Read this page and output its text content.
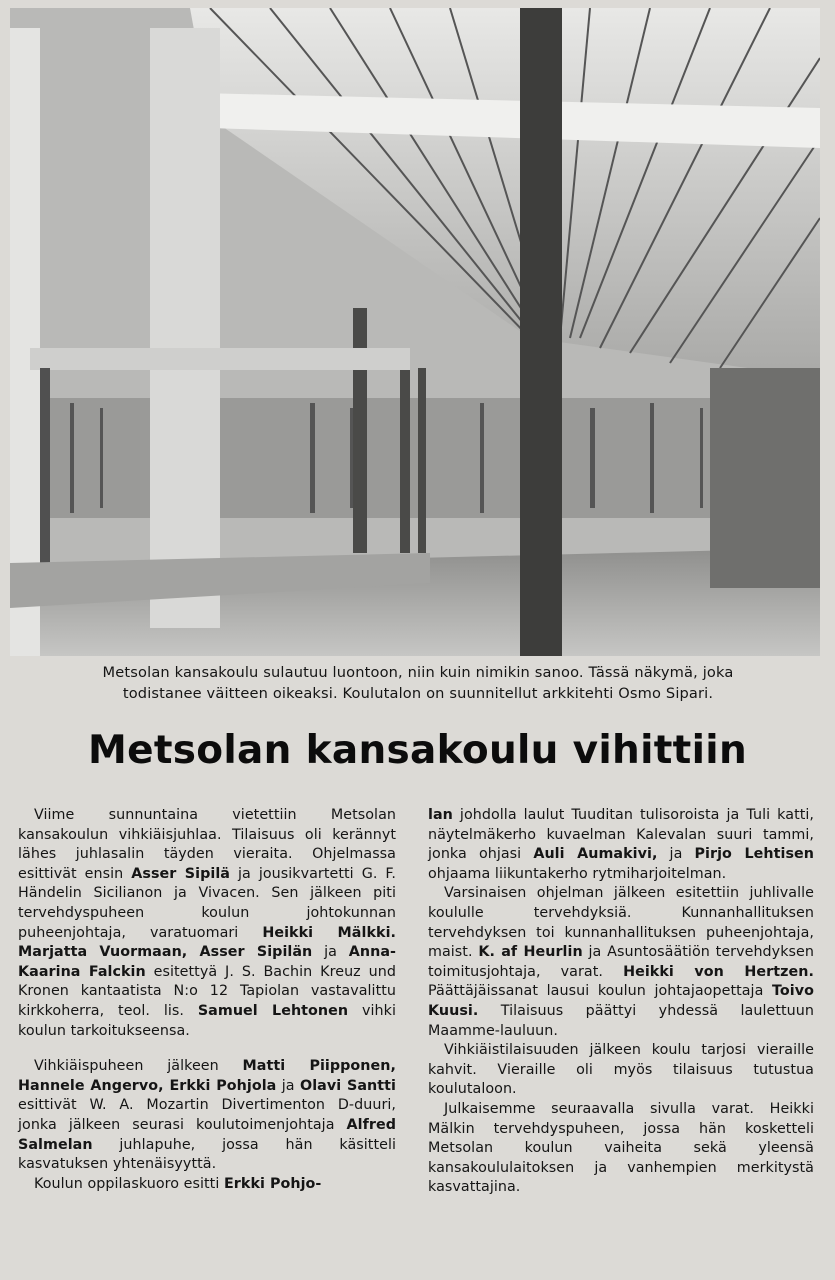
Metsolan kansakoulu sulautuu luontoon, niin kuin nimikin sanoo. Tässä näkymä, joka
todistanee väitteen oikeaksi. Koulutalon on suunnitellut arkkitehti Osmo Sipari.
Metsolan kansakoulu vihittiin

Viime sunnuntaina vietettiin Metsolan kansakoulun vihkiäisjuhlaa. Tilaisuus oli kerännyt lähes juhlasalin täyden vieraita. Ohjelmassa esittivät ensin Asser Sipilä ja jousikvartetti G. F. Händelin Sicilianon ja Vivacen. Sen jälkeen piti tervehdyspuheen koulun johtokunnan puheenjohtaja, varatuomari Heikki Mälkki. Marjatta Vuormaan, Asser Sipilän ja Anna-Kaarina Falckin esitettyä J. S. Bachin Kreuz und Kronen kantaatista N:o 12 Tapiolan vastavalittu kirkkoherra, teol. lis. Samuel Lehtonen vihki koulun tarkoitukseensa.

Vihkiäispuheen jälkeen Matti Piipponen, Hannele Angervo, Erkki Pohjola ja Olavi Santti esittivät W. A. Mozartin Divertimenton D-duuri, jonka jälkeen seurasi koulutoimenjohtaja Alfred Salmelan juhlapuhe, jossa hän käsitteli kasvatuksen yhtenäisyyttä.

Koulun oppilaskuoro esitti Erkki Pohjo-

lan johdolla laulut Tuuditan tulisoroista ja Tuli katti, näytelmäkerho kuvaelman Kalevalan suuri tammi, jonka ohjasi Auli Aumakivi, ja Pirjo Lehtisen ohjaama liikuntakerho rytmiharjoitelman.

Varsinaisen ohjelman jälkeen esitettiin juhlivalle koululle tervehdyksiä. Kunnanhallituksen tervehdyksen toi kunnanhallituksen puheenjohtaja, maist. K. af Heurlin ja Asuntosäätiön tervehdyksen toimitusjohtaja, varat. Heikki von Hertzen. Päättäjäissanat lausui koulun johtajaopettaja Toivo Kuusi. Tilaisuus päättyi yhdessä laulettuun Maamme-lauluun.

Vihkiäistilaisuuden jälkeen koulu tarjosi vieraille kahvit. Vieraille oli myös tilaisuus tutustua koulutaloon.

Julkaisemme seuraavalla sivulla varat. Heikki Mälkin tervehdyspuheen, jossa hän kosketteli Metsolan koulun vaiheita sekä yleensä kansakoululaitoksen ja vanhempien merkitystä kasvattajina.
